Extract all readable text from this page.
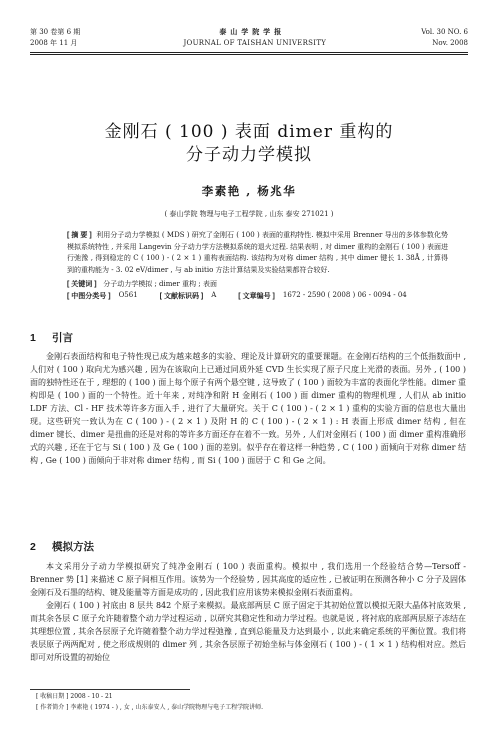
第 30 卷第 6 期	泰 山 学 院 学 报	Vol. 30 NO. 6
2008 年 11 月	JOURNAL OF TAISHAN UNIVERSITY	Nov. 2008
金刚石 ( 100 ) 表面 dimer 重构的
分子动力学模拟
李素艳 , 杨兆华
( 泰山学院 物理与电子工程学院 , 山东 泰安 271021 )

[ 摘 要 ] 利用分子动力学模拟 ( MDS ) 研究了金刚石 ( 100 ) 表面的重构特性. 模拟中采用 Brenner 导出的多体参数化势模拟系统特性 , 并采用 Langevin 分子动力学方法模拟系统的退火过程. 结果表明 , 对 dimer 重构的金刚石 ( 100 ) 表面进行弛豫 , 得到稳定的 C ( 100 ) - ( 2 × 1 ) 重构表面结构. 该结构为对称 dimer 结构 , 其中 dimer 键长 1. 38Å , 计算得到的重构能为 - 3. 02 eV/dimer , 与 ab initio 方法计算结果及实验结果都符合较好.

[ 关键词 ] 分子动力学模拟 ; dimer 重构 ; 表面
[ 中图分类号 ] O561	[ 文献标识码 ] A	[ 文章编号 ] 1672 - 2590 ( 2008 ) 06 - 0094 - 04
1 引言

金刚石表面结构和电子特性现已成为越来越多的实验、理论及计算研究的重要课题。在金刚石结构的三个低指数面中 , 人们对 ( 100 ) 取向尤为感兴趣 , 因为在该取向上已通过同质外延 CVD 生长实现了原子尺度上光滑的表面。另外 , ( 100 ) 面的独特性还在于 , 理想的 ( 100 ) 面上每个原子有两个悬空键 , 这导致了 ( 100 ) 面较为丰富的表面化学性能。dimer 重构即是 ( 100 ) 面的一个特性。近十年来 , 对纯净和附 H 金刚石 ( 100 ) 面 dimer 重构的物理机理 , 人们从 ab initio LDF 方法、Cl - HF 技术等许多方面入手 , 进行了大量研究。关于 C ( 100 ) - ( 2 × 1 ) 重构的实验方面的信息也大量出现。这些研究一致认为在 C ( 100 ) - ( 2 × 1 ) 及附 H 的 C ( 100 ) - ( 2 × 1 ) : H 表面上形成 dimer 结构 , 但在 dimer 键长、dimer 是扭曲的还是对称的等许多方面还存在着不一致。另外 , 人们对金刚石 ( 100 ) 面 dimer 重构准确形式的兴趣 , 还在于它与 Si ( 100 ) 及 Ge ( 100 ) 面的差别。似乎存在着这样一种趋势 , C ( 100 ) 面倾向于对称 dimer 结构 , Ge ( 100 ) 面倾向于非对称 dimer 结构 , 而 Si ( 100 ) 面居于 C 和 Ge 之间。

2 模拟方法

本文采用分子动力学模拟研究了纯净金刚石 ( 100 ) 表面重构。模拟中 , 我们选用一个经验结合势—Tersoff - Brenner 势 [1] 来描述 C 原子间相互作用。该势为一个经验势 , 因其高度的适应性 , 已被证明在预测各种小 C 分子及固体金刚石及石墨的结构、键及能量等方面是成功的 , 因此我们应用该势来模拟金刚石表面重构。

金刚石 ( 100 ) 衬底由 8 层共 842 个原子来模拟。最底部两层 C 原子固定于其初始位置以模拟无限大晶体衬底效果 , 而其余各层 C 原子允许随着整个动力学过程运动 , 以研究其稳定性和动力学过程。也就是说 , 将衬底的底部两层原子冻结在其理想位置 , 其余各层原子允许随着整个动力学过程弛豫 , 直到总能量及力达到最小 , 以此来确定系统的平衡位置。我们将表层原子两两配对 , 使之形成规则的 dimer 列 , 其余各层原子初始坐标与体金刚石 ( 100 ) - ( 1 × 1 ) 结构相对应。然后即可对所设置的初始位

[ 收稿日期 ] 2008 - 10 - 21
[ 作者简介 ] 李素艳 ( 1974 - ) , 女 , 山东泰安人 , 泰山学院物理与电子工程学院讲师.
